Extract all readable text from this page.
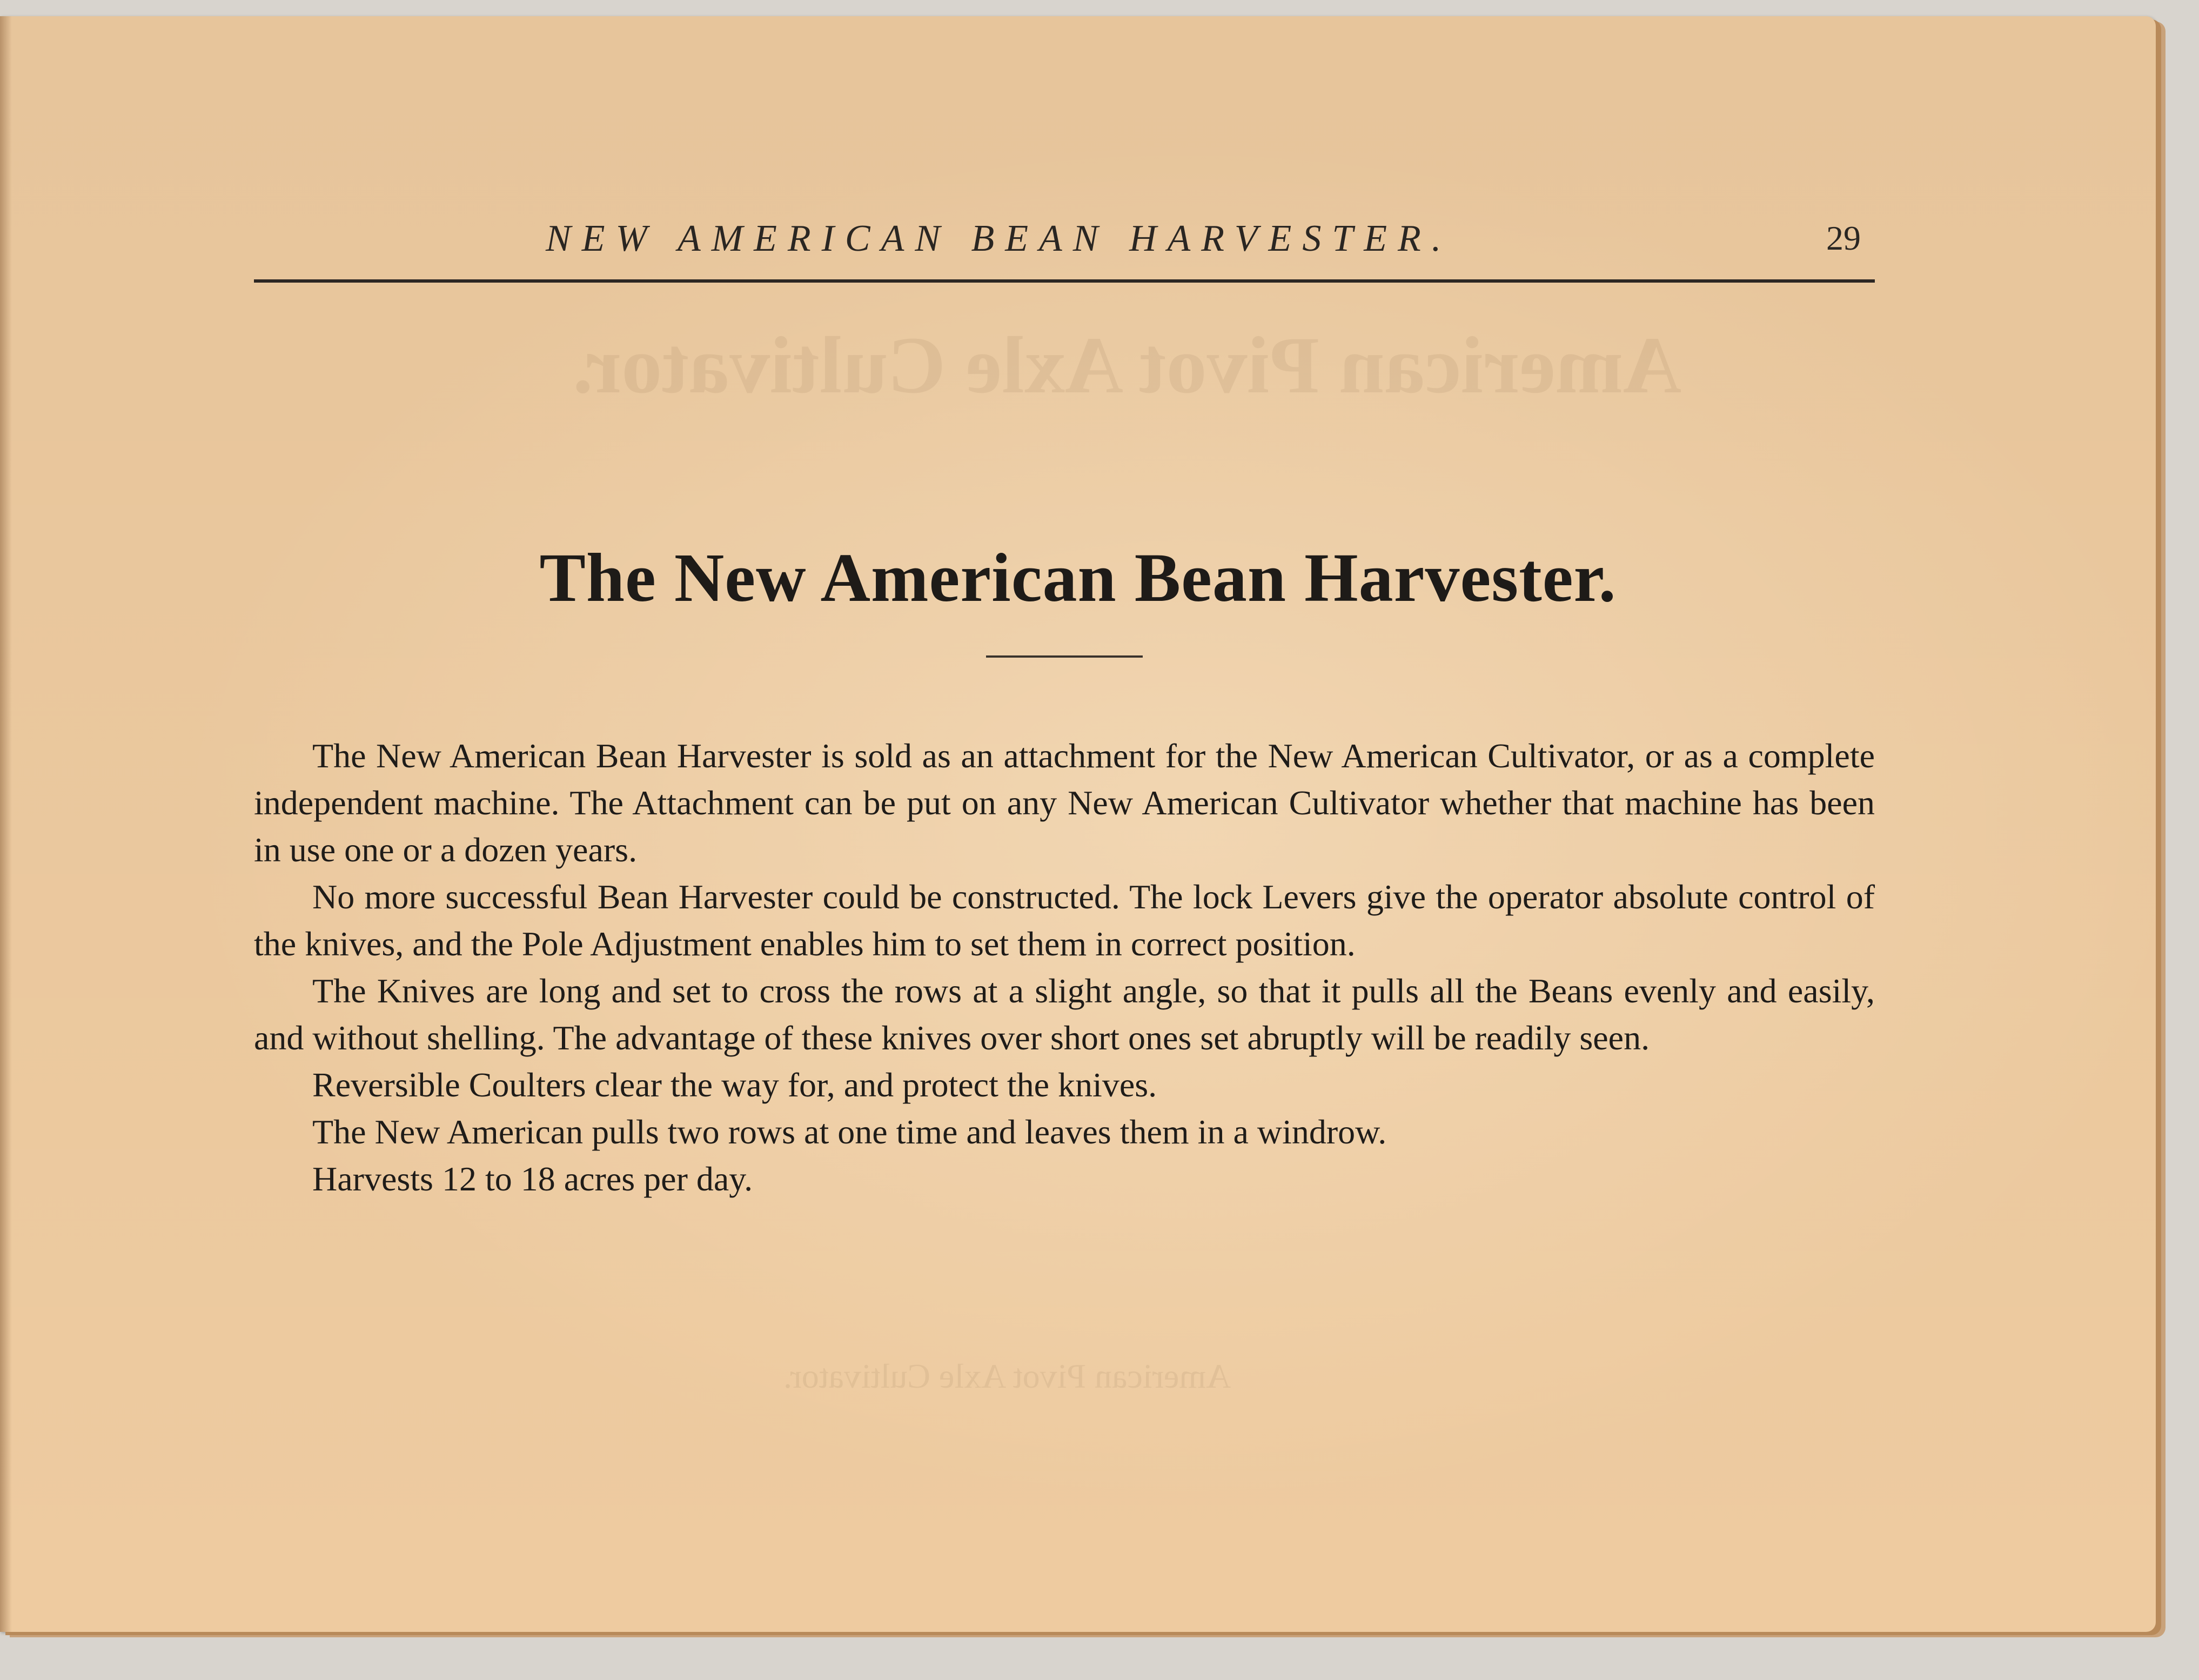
American Pivot Axle Cultivator.
American Pivot Axle Cultivator.
NEW AMERICAN BEAN HARVESTER.	29
The New American Bean Harvester.

The New American Bean Harvester is sold as an attachment for the New American Cultivator, or as a complete independent machine. The Attachment can be put on any New American Cultivator whether that machine has been in use one or a dozen years.

No more successful Bean Harvester could be constructed. The lock Levers give the operator absolute control of the knives, and the Pole Adjustment enables him to set them in correct position.

The Knives are long and set to cross the rows at a slight angle, so that it pulls all the Beans evenly and easily, and without shelling. The advantage of these knives over short ones set abruptly will be readily seen.

Reversible Coulters clear the way for, and protect the knives.

The New American pulls two rows at one time and leaves them in a windrow.

Harvests 12 to 18 acres per day.
